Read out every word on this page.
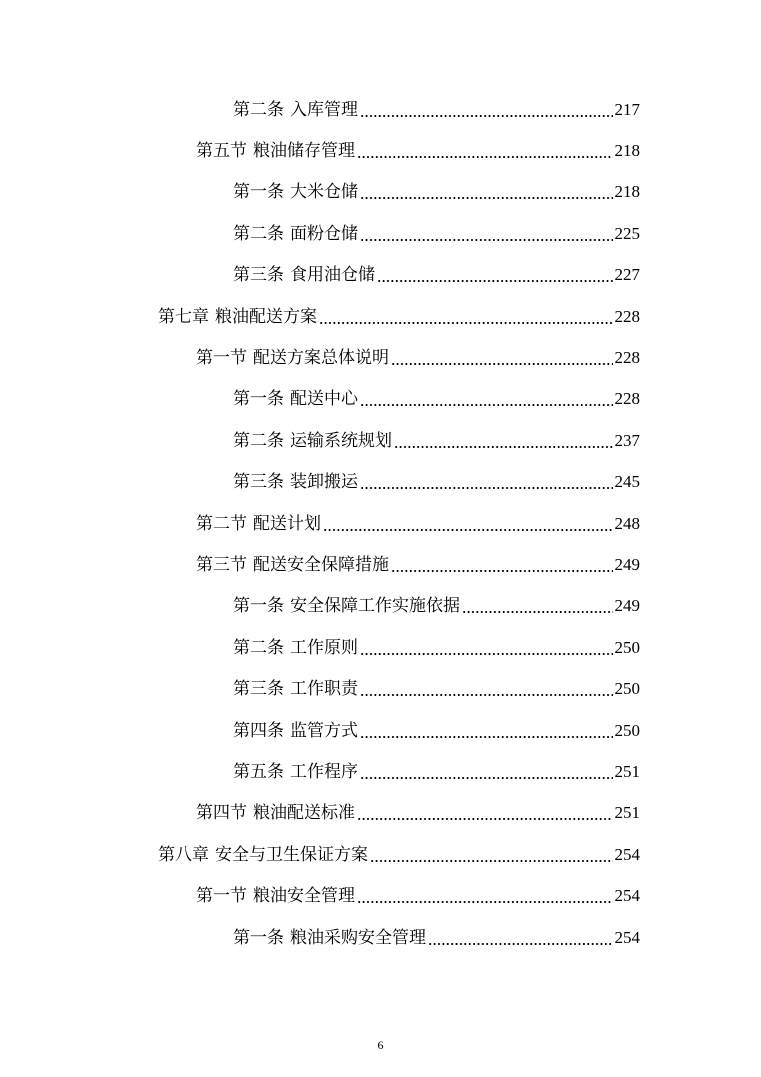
第二条 入库管理	217
第五节 粮油储存管理	218
第一条 大米仓储	218
第二条 面粉仓储	225
第三条 食用油仓储	227
第七章 粮油配送方案	228
第一节 配送方案总体说明	228
第一条 配送中心	228
第二条 运输系统规划	237
第三条 装卸搬运	245
第二节 配送计划	248
第三节 配送安全保障措施	249
第一条 安全保障工作实施依据	249
第二条 工作原则	250
第三条 工作职责	250
第四条 监管方式	250
第五条 工作程序	251
第四节 粮油配送标准	251
第八章 安全与卫生保证方案	254
第一节 粮油安全管理	254
第一条 粮油采购安全管理	254
6
